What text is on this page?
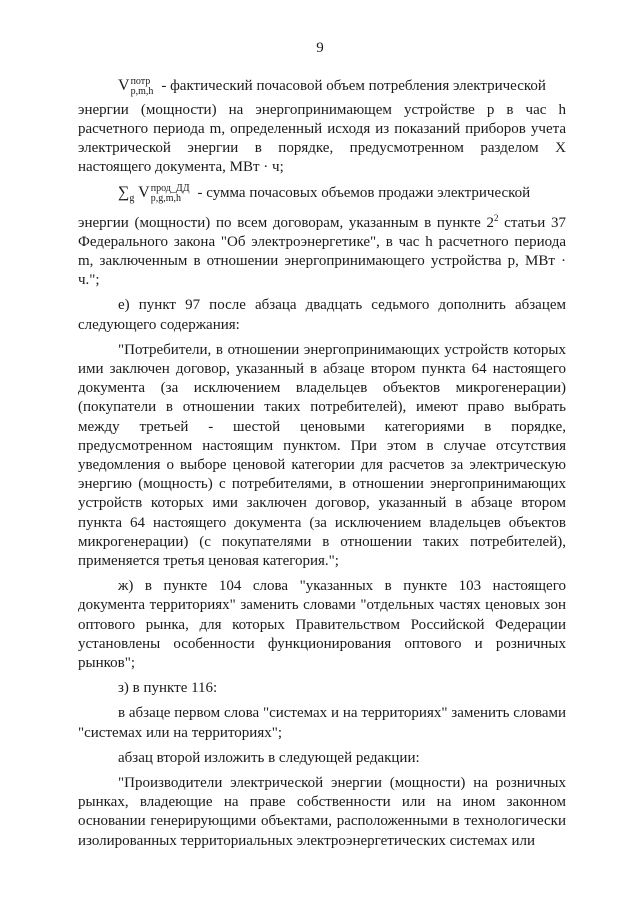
9
V потр
p,m,h - фактический почасовой объем потребления электрической

энергии (мощности) на энергопринимающем устройстве p в час h расчетного периода m, определенный исходя из показаний приборов учета электрической энергии в порядке, предусмотренном разделом X настоящего документа, МВт · ч;

$\sum_g$ V прод_ДД
p,g,m,h	- сумма почасовых объемов продажи электрической

энергии (мощности) по всем договорам, указанным в пункте $2^2$ статьи 37 Федерального закона "Об электроэнергетике", в час h расчетного периода m, заключенным в отношении энергопринимающего устройства p, МВт · ч.";

е) пункт 97 после абзаца двадцать седьмого дополнить абзацем следующего содержания:

"Потребители, в отношении энергопринимающих устройств которых ими заключен договор, указанный в абзаце втором пункта 64 настоящего документа (за исключением владельцев объектов микрогенерации) (покупатели в отношении таких потребителей), имеют право выбрать между третьей - шестой ценовыми категориями в порядке, предусмотренном настоящим пунктом. При этом в случае отсутствия уведомления о выборе ценовой категории для расчетов за электрическую энергию (мощность) с потребителями, в отношении энергопринимающих устройств которых ими заключен договор, указанный в абзаце втором пункта 64 настоящего документа (за исключением владельцев объектов микрогенерации) (с покупателями в отношении таких потребителей), применяется третья ценовая категория.";

ж) в пункте 104 слова "указанных в пункте 103 настоящего документа территориях" заменить словами "отдельных частях ценовых зон оптового рынка, для которых Правительством Российской Федерации установлены особенности функционирования оптового и розничных рынков";

з) в пункте 116:

в абзаце первом слова "системах и на территориях" заменить словами "системах или на территориях";

абзац второй изложить в следующей редакции:

"Производители электрической энергии (мощности) на розничных рынках, владеющие на праве собственности или на ином законном основании генерирующими объектами, расположенными в технологически изолированных территориальных электроэнергетических системах или
